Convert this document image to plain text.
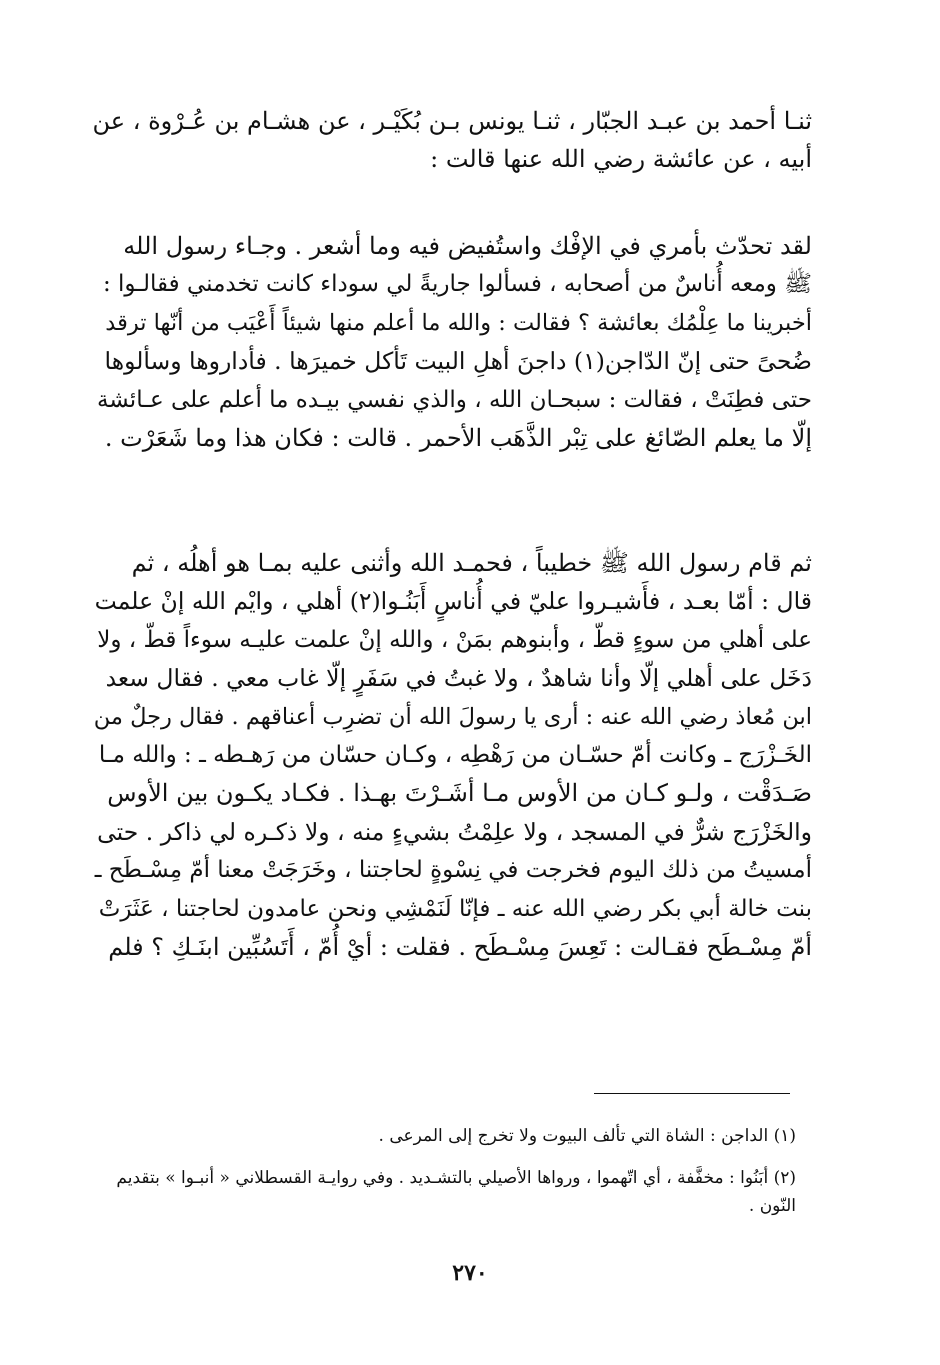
ثنـا أحمد بن عبـد الجبّار ، ثنـا يونس بـن بُكَيْـر ، عن هشـام بن عُـرْوة ، عن
أبيه ، عن عائشة رضي الله عنها قالت :
لقد تحدّث بأمري في الإفْك واستُفيض فيه وما أشعر . وجـاء رسول الله
ﷺ ومعه أُناسٌ من أصحابه ، فسألوا جاريةً لي سوداء كانت تخدمني فقالـوا :
أخبرينا ما عِلْمُك بعائشة ؟ فقالت : والله ما أعلم منها شيئاً أَعْيَب من أنّها ترقد
ضُحىً حتى إنّ الدّاجن(١) داجنَ أهلِ البيت تَأكل خميرَها . فأداروها وسألوها
حتى فطِنَتْ ، فقالت : سبحـان الله ، والذي نفسي بيـده ما أعلم على عـائشة
إلّا ما يعلم الصّائغ على تِبْر الذَّهَب الأحمر . قالت : فكان هذا وما شَعَرْت .
ثم قام رسول الله ﷺ خطيباً ، فحمـد الله وأثنى عليه بمـا هو أهلُه ، ثم
قال : أمّا بعـد ، فأَشيـروا عليّ في أُناسٍ أَبَنُـوا(٢) أهلي ، وايْم الله إنْ علمت
على أهلي من سوءٍ قطّ ، وأبنوهم بمَنْ ، والله إنْ علمت عليـه سوءاً قطّ ، ولا
دَخَل على أهلي إلّا وأنا شاهدٌ ، ولا غبتُ في سَفَرٍ إلّا غاب معي . فقال سعد
ابن مُعاذ رضي الله عنه : أرى يا رسولَ الله أن تضرِب أعناقهم . فقال رجلٌ من
الخَـزْرَج ـ وكانت أمّ حسّـان من رَهْطِه ، وكـان حسّان من رَهـطه ـ : والله مـا
صَـدَقْت ، ولـو كـان من الأوس مـا أشَـرْتَ بهـذا . فكـاد يكـون بين الأوس
والخَزْرَج شرٌّ في المسجد ، ولا علِمْتُ بشيءٍ منه ، ولا ذكـره لي ذاكر . حتى
أمسيتُ من ذلك اليوم فخرجت في نِسْوةٍ لحاجتنا ، وخَرَجَتْ معنا أمّ مِسْـطَح ـ
بنت خالة أبي بكر رضي الله عنه ـ فإنّا لَنَمْشِي ونحن عامدون لحاجتنا ، عَثَرَتْ
أمّ مِسْـطَح فقـالت : تَعِسَ مِسْـطَح . فقلت : أيْ أُمّ ، أَتَسُبِّين ابنَـكِ ؟ فلم
(١) الداجن : الشاة التي تألف البيوت ولا تخرج إلى المرعى .
(٢) أبَنُوا : مخفَّفة ، أي اتّهموا ، ورواها الأصيلي بالتشـديد . وفي روايـة القسطلاني « أنبـوا » بتقديم النّون .
٢٧٠
